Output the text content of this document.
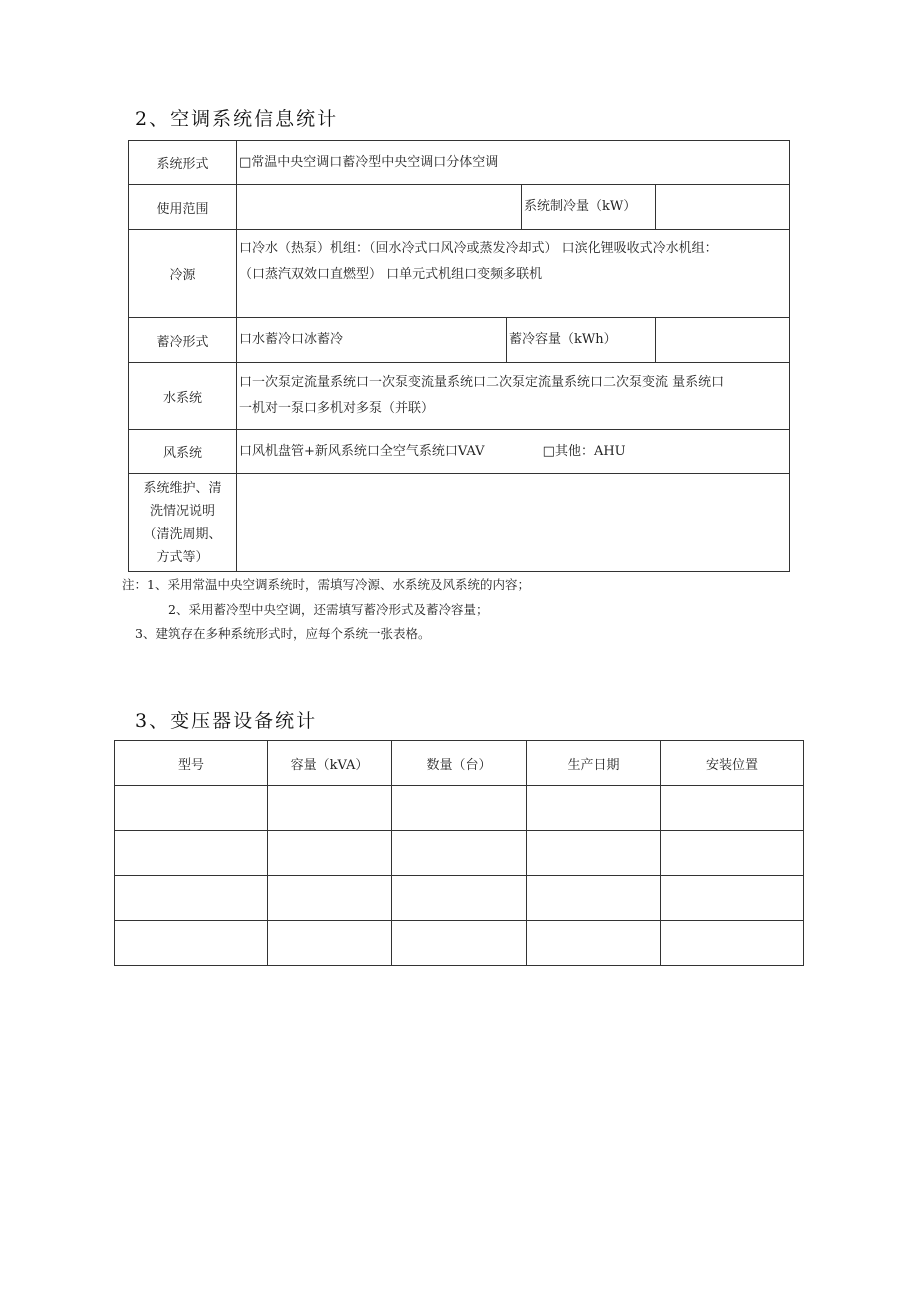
2、空调系统信息统计
系统形式	□常温中央空调口蓄冷型中央空调口分体空调			
使用范围			系统制冷量（kW）	
冷源	口冷水（热泵）机组：（回水冷式口风冷或蒸发冷却式） 口滨化锂吸收式冷水机组：
（口蒸汽双效口直燃型） 口单元式机组口变频多联机			

蓄冷形式	口水蓄冷口冰蓄冷	蓄冷容量（kWh）		
水系统	口一次泵定流量系统口一次泵变流量系统口二次泵定流量系统口二次泵变流 量系统口
一机对一泵口多机对多泵（并联）			

风系统	口风机盘管+新风系统口全空气系统口VAV □其他：AHU			

系统维护、清
洗情况说明
（清洗周期、
方式等）				

注：1、采用常温中央空调系统时，需填写冷源、水系统及风系统的内容；
2、采用蓄冷型中央空调，还需填写蓄冷形式及蓄冷容量；
3、建筑存在多种系统形式时，应每个系统一张表格。
3、变压器设备统计
型号	容量（kVA）	数量（台）	生产日期	安装位置
